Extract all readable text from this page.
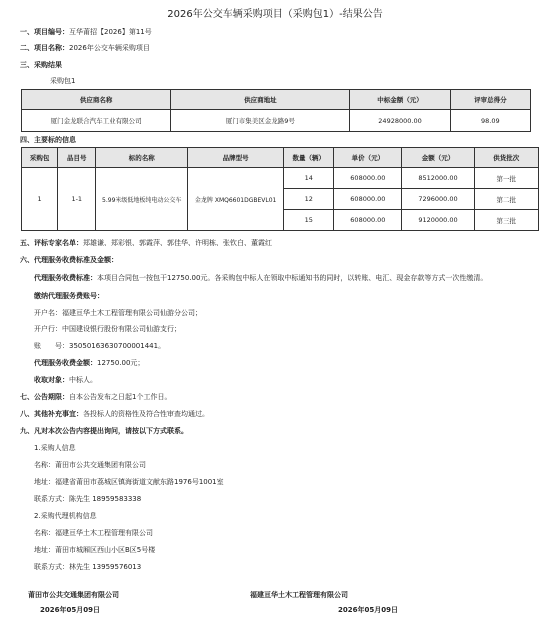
2026年公交车辆采购项目（采购包1）-结果公告
一、项目编号：互华莆招【2026】第11号
二、项目名称：2026年公交车辆采购项目
三、采购结果
采购包1
供应商名称	供应商地址	中标金额（元）	评审总得分
厦门金龙联合汽车工业有限公司	厦门市集美区金龙路9号	24928000.00	98.09
四、主要标的信息
采购包	品目号	标的名称	品牌型号	数量（辆）	单价（元）	金额（元）	供货批次
1	1-1	5.99米级低地板纯电动公交车	金龙牌 XMQ6601DGBEVL01	14	608000.00	8512000.00	第一批
				12	608000.00	7296000.00	第二批
				15	608000.00	9120000.00	第三批
五、评标专家名单：郑雄谦、郑彩银、郭霞萍、郭佳华、许明栋、张钦白、董霞红
六、代理服务收费标准及金额：
代理服务收费标准：本项目合同包一按包干12750.00元。各采购包中标人在领取中标通知书的同时，以转账、电汇、现金存款等方式一次性缴清。
缴纳代理服务费账号：
开户名：福建亘华土木工程管理有限公司仙游分公司；
开户行：中国建设银行股份有限公司仙游支行；
账　　号：35050163630700001441。
代理服务收费金额：12750.00元；
收取对象：中标人。
七、公告期限：自本公告发布之日起1个工作日。
八、其他补充事宜：各投标人的资格性及符合性审查均通过。
九、凡对本次公告内容提出询问，请按以下方式联系。
1.采购人信息
名称：莆田市公共交通集团有限公司
地址：福建省莆田市荔城区镇海街道文献东路1976号1001室
联系方式：陈先生 18959583338
2.采购代理机构信息
名称：福建亘华土木工程管理有限公司
地址：莆田市城厢区西山小区B区5号楼
联系方式：林先生 13959576013
莆田市公共交通集团有限公司
2026年05月09日
福建亘华土木工程管理有限公司
2026年05月09日
